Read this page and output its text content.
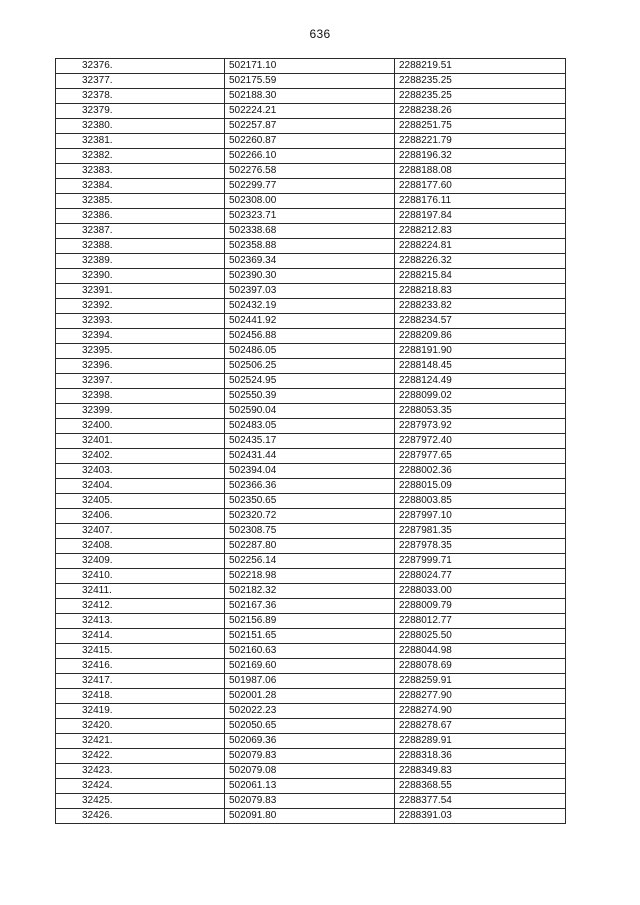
636
32376.	502171.10	2288219.51
32377.	502175.59	2288235.25
32378.	502188.30	2288235.25
32379.	502224.21	2288238.26
32380.	502257.87	2288251.75
32381.	502260.87	2288221.79
32382.	502266.10	2288196.32
32383.	502276.58	2288188.08
32384.	502299.77	2288177.60
32385.	502308.00	2288176.11
32386.	502323.71	2288197.84
32387.	502338.68	2288212.83
32388.	502358.88	2288224.81
32389.	502369.34	2288226.32
32390.	502390.30	2288215.84
32391.	502397.03	2288218.83
32392.	502432.19	2288233.82
32393.	502441.92	2288234.57
32394.	502456.88	2288209.86
32395.	502486.05	2288191.90
32396.	502506.25	2288148.45
32397.	502524.95	2288124.49
32398.	502550.39	2288099.02
32399.	502590.04	2288053.35
32400.	502483.05	2287973.92
32401.	502435.17	2287972.40
32402.	502431.44	2287977.65
32403.	502394.04	2288002.36
32404.	502366.36	2288015.09
32405.	502350.65	2288003.85
32406.	502320.72	2287997.10
32407.	502308.75	2287981.35
32408.	502287.80	2287978.35
32409.	502256.14	2287999.71
32410.	502218.98	2288024.77
32411.	502182.32	2288033.00
32412.	502167.36	2288009.79
32413.	502156.89	2288012.77
32414.	502151.65	2288025.50
32415.	502160.63	2288044.98
32416.	502169.60	2288078.69
32417.	501987.06	2288259.91
32418.	502001.28	2288277.90
32419.	502022.23	2288274.90
32420.	502050.65	2288278.67
32421.	502069.36	2288289.91
32422.	502079.83	2288318.36
32423.	502079.08	2288349.83
32424.	502061.13	2288368.55
32425.	502079.83	2288377.54
32426.	502091.80	2288391.03
